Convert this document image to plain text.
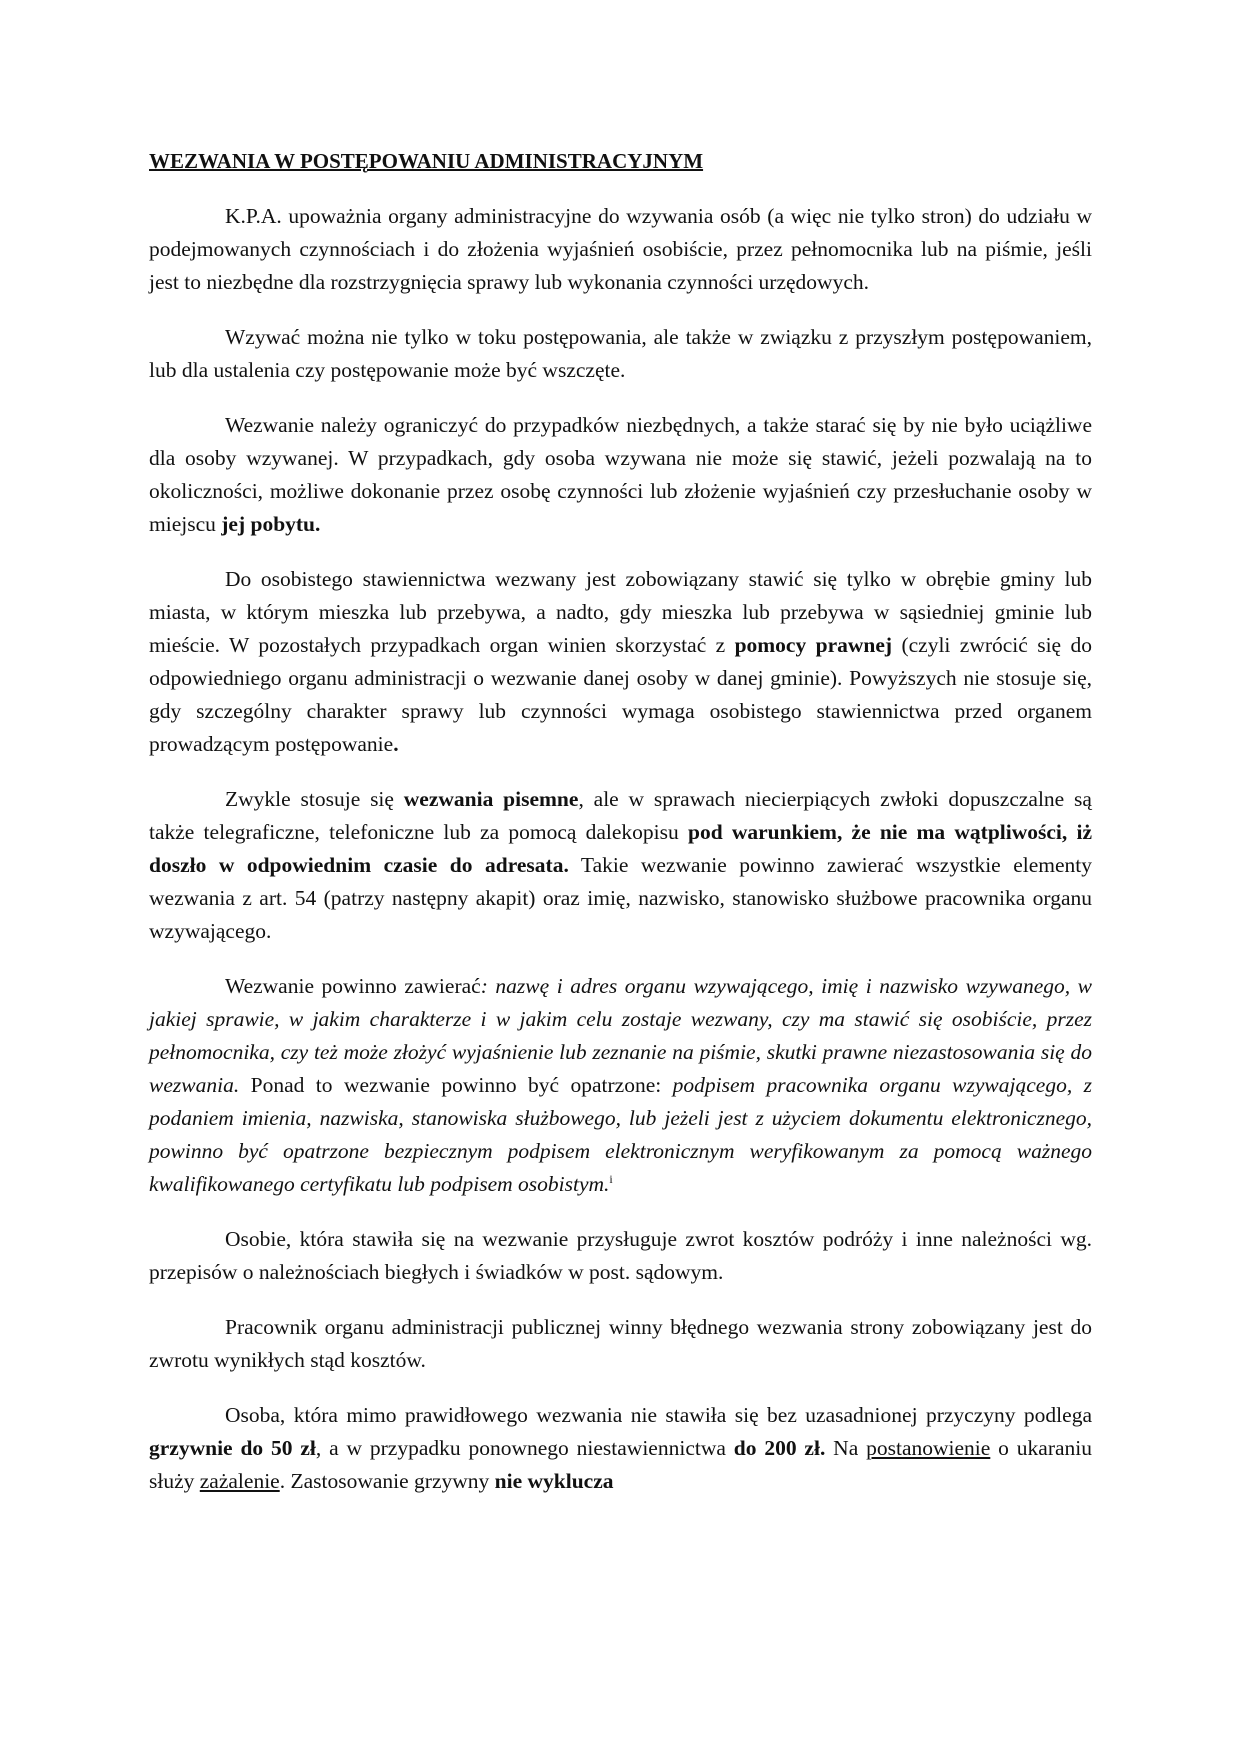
WEZWANIA W POSTĘPOWANIU ADMINISTRACYJNYM

K.P.A. upoważnia organy administracyjne do wzywania osób (a więc nie tylko stron) do udziału w podejmowanych czynnościach i do złożenia wyjaśnień osobiście, przez pełnomocnika lub na piśmie, jeśli jest to niezbędne dla rozstrzygnięcia sprawy lub wykonania czynności urzędowych.

Wzywać można nie tylko w toku postępowania, ale także w związku z przyszłym postępowaniem, lub dla ustalenia czy postępowanie może być wszczęte.

Wezwanie należy ograniczyć do przypadków niezbędnych, a także starać się by nie było uciążliwe dla osoby wzywanej. W przypadkach, gdy osoba wzywana nie może się stawić, jeżeli pozwalają na to okoliczności, możliwe dokonanie przez osobę czynności lub złożenie wyjaśnień czy przesłuchanie osoby w miejscu jej pobytu.

Do osobistego stawiennictwa wezwany jest zobowiązany stawić się tylko w obrębie gminy lub miasta, w którym mieszka lub przebywa, a nadto, gdy mieszka lub przebywa w sąsiedniej gminie lub mieście. W pozostałych przypadkach organ winien skorzystać z pomocy prawnej (czyli zwrócić się do odpowiedniego organu administracji o wezwanie danej osoby w danej gminie). Powyższych nie stosuje się, gdy szczególny charakter sprawy lub czynności wymaga osobistego stawiennictwa przed organem prowadzącym postępowanie.

Zwykle stosuje się wezwania pisemne, ale w sprawach niecierpiących zwłoki dopuszczalne są także telegraficzne, telefoniczne lub za pomocą dalekopisu pod warunkiem, że nie ma wątpliwości, iż doszło w odpowiednim czasie do adresata. Takie wezwanie powinno zawierać wszystkie elementy wezwania z art. 54 (patrzy następny akapit) oraz imię, nazwisko, stanowisko służbowe pracownika organu wzywającego.

Wezwanie powinno zawierać: nazwę i adres organu wzywającego, imię i nazwisko wzywanego, w jakiej sprawie, w jakim charakterze i w jakim celu zostaje wezwany, czy ma stawić się osobiście, przez pełnomocnika, czy też może złożyć wyjaśnienie lub zeznanie na piśmie, skutki prawne niezastosowania się do wezwania. Ponad to wezwanie powinno być opatrzone: podpisem pracownika organu wzywającego, z podaniem imienia, nazwiska, stanowiska służbowego, lub jeżeli jest z użyciem dokumentu elektronicznego, powinno być opatrzone bezpiecznym podpisem elektronicznym weryfikowanym za pomocą ważnego kwalifikowanego certyfikatu lub podpisem osobistym.$^i$

Osobie, która stawiła się na wezwanie przysługuje zwrot kosztów podróży i inne należności wg. przepisów o należnościach biegłych i świadków w post. sądowym.

Pracownik organu administracji publicznej winny błędnego wezwania strony zobowiązany jest do zwrotu wynikłych stąd kosztów.

Osoba, która mimo prawidłowego wezwania nie stawiła się bez uzasadnionej przyczyny podlega grzywnie do 50 zł, a w przypadku ponownego niestawiennictwa do 200 zł. Na postanowienie o ukaraniu służy zażalenie. Zastosowanie grzywny nie wyklucza
